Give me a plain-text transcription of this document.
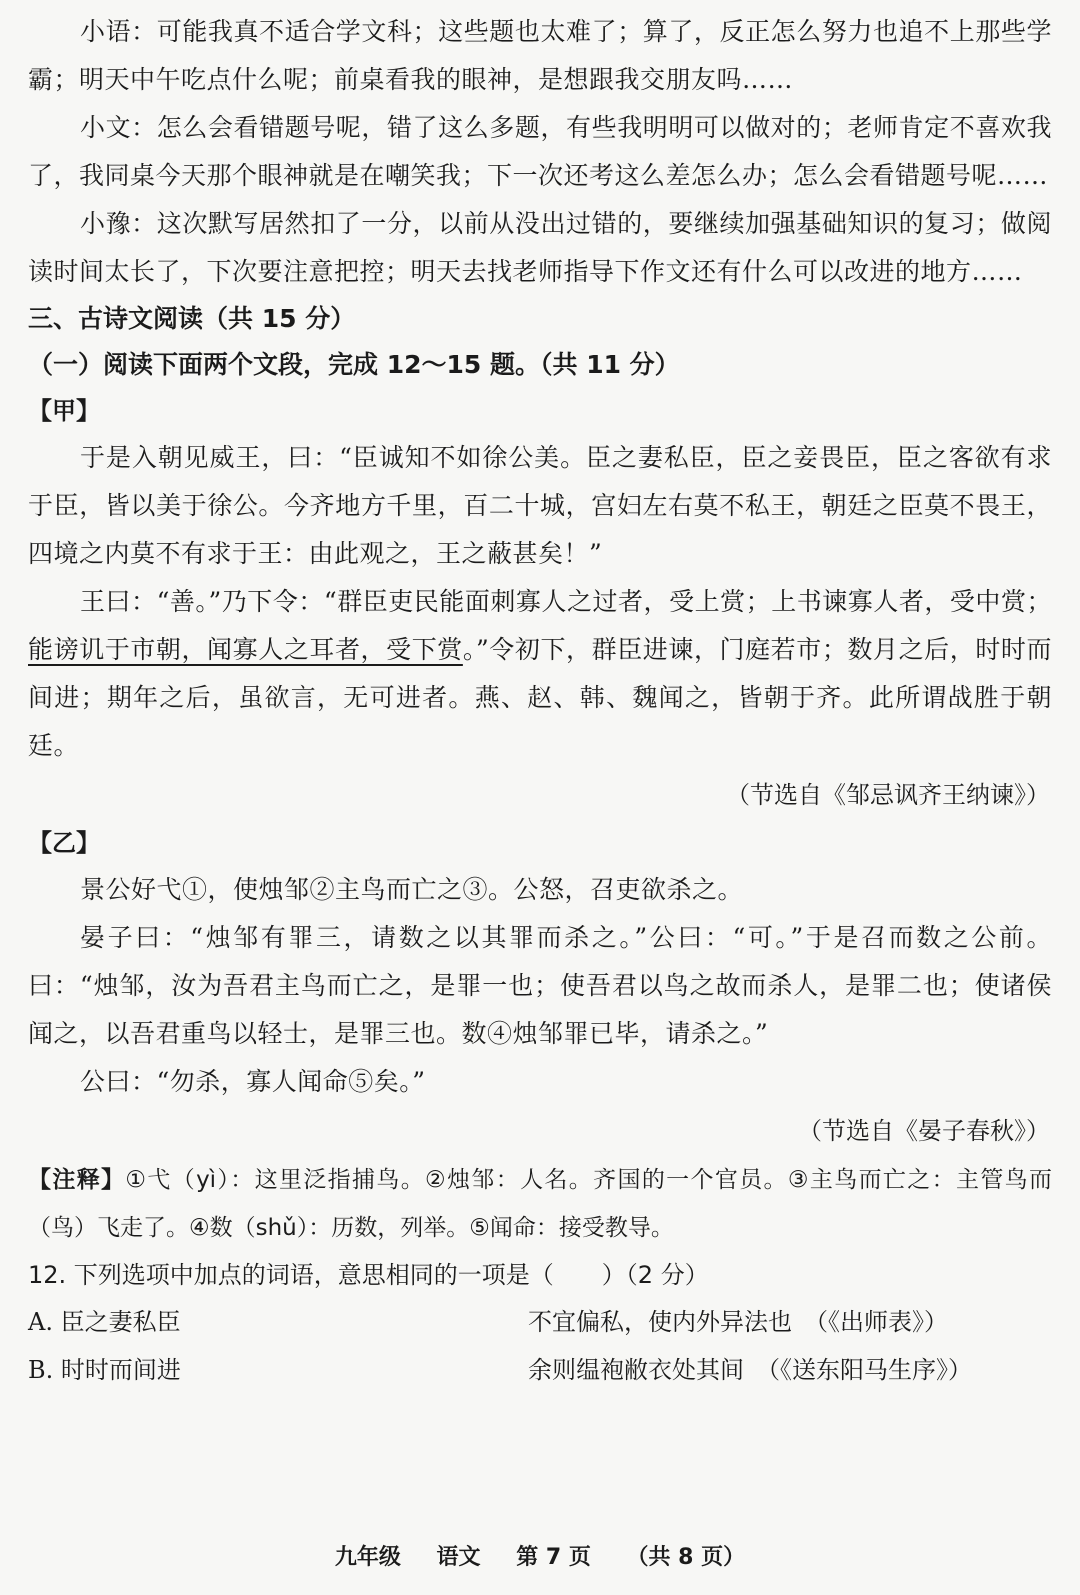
小语：可能我真不适合学文科；这些题也太难了；算了，反正怎么努力也追不上那些学霸；明天中午吃点什么呢；前桌看我的眼神，是想跟我交朋友吗……

小文：怎么会看错题号呢，错了这么多题，有些我明明可以做对的；老师肯定不喜欢我了，我同桌今天那个眼神就是在嘲笑我；下一次还考这么差怎么办；怎么会看错题号呢……

小豫：这次默写居然扣了一分，以前从没出过错的，要继续加强基础知识的复习；做阅读时间太长了，下次要注意把控；明天去找老师指导下作文还有什么可以改进的地方……

三、古诗文阅读（共 15 分）

（一）阅读下面两个文段，完成 12～15 题。（共 11 分）

【甲】

于是入朝见威王，曰：“臣诚知不如徐公美。臣之妻私臣，臣之妾畏臣，臣之客欲有求于臣，皆以美于徐公。今齐地方千里，百二十城，宫妇左右莫不私王，朝廷之臣莫不畏王，四境之内莫不有求于王：由此观之，王之蔽甚矣！”

王曰：“善。”乃下令：“群臣吏民能面刺寡人之过者，受上赏；上书谏寡人者，受中赏；能谤讥于市朝，闻寡人之耳者，受下赏。”令初下，群臣进谏，门庭若市；数月之后，时时而间进；期年之后，虽欲言，无可进者。燕、赵、韩、魏闻之，皆朝于齐。此所谓战胜于朝廷。

（节选自《邹忌讽齐王纳谏》）

【乙】

景公好弋①，使烛邹②主鸟而亡之③。公怒，召吏欲杀之。

晏子曰：“烛邹有罪三，请数之以其罪而杀之。”公曰：“可。”于是召而数之公前。曰：“烛邹，汝为吾君主鸟而亡之，是罪一也；使吾君以鸟之故而杀人，是罪二也；使诸侯闻之，以吾君重鸟以轻士，是罪三也。数④烛邹罪已毕，请杀之。”

公曰：“勿杀，寡人闻命⑤矣。”

（节选自《晏子春秋》）

【注释】①弋（yì）：这里泛指捕鸟。②烛邹：人名。齐国的一个官员。③主鸟而亡之：主管鸟而（鸟）飞走了。④数（shǔ）：历数，列举。⑤闻命：接受教导。

12. 下列选项中加点的词语，意思相同的一项是（　　）（2 分）

A. 臣之妻私臣	不宜偏私，使内外异法也　（《出师表》）
B. 时时而间进	余则缊袍敝衣处其间　（《送东阳马生序》）
九年级 语文 第 7 页 （共 8 页）
